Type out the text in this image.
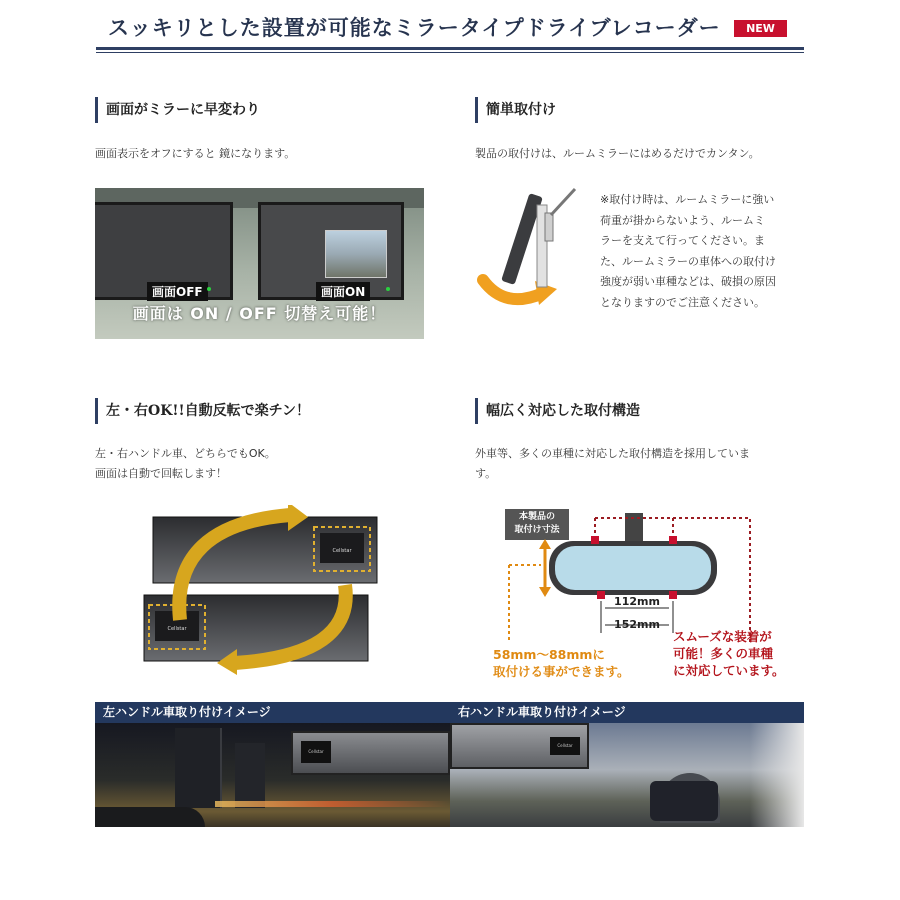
スッキリとした設置が可能なミラータイプドライブレコーダー	NEW
画面がミラーに早変わり
画面表示をオフにすると 鏡になります。
画面OFF	画面ON
画面は ON / OFF 切替え可能！
簡単取付け
製品の取付けは、ルームミラーにはめるだけでカンタン。
※取付け時は、ルームミラーに強い
荷重が掛からないよう、ルームミ
ラーを支えて行ってください。ま
た、ルームミラーの車体への取付け
強度が弱い車種などは、破損の原因
となりますのでご注意ください。
左・右OK!!自動反転で楽チン！
左・右ハンドル車、どちらでもOK。
画面は自動で回転します！
Cellstar
Cellstar
幅広く対応した取付構造
外車等、多くの車種に対応した取付構造を採用していま
す。
本製品の
取付け寸法
112mm
152mm
58mm～88mmに
取付ける事ができます。
スムーズな装着が
可能！多くの車種
に対応しています。
左ハンドル車取り付けイメージ
Cellstar
右ハンドル車取り付けイメージ
Cellstar
